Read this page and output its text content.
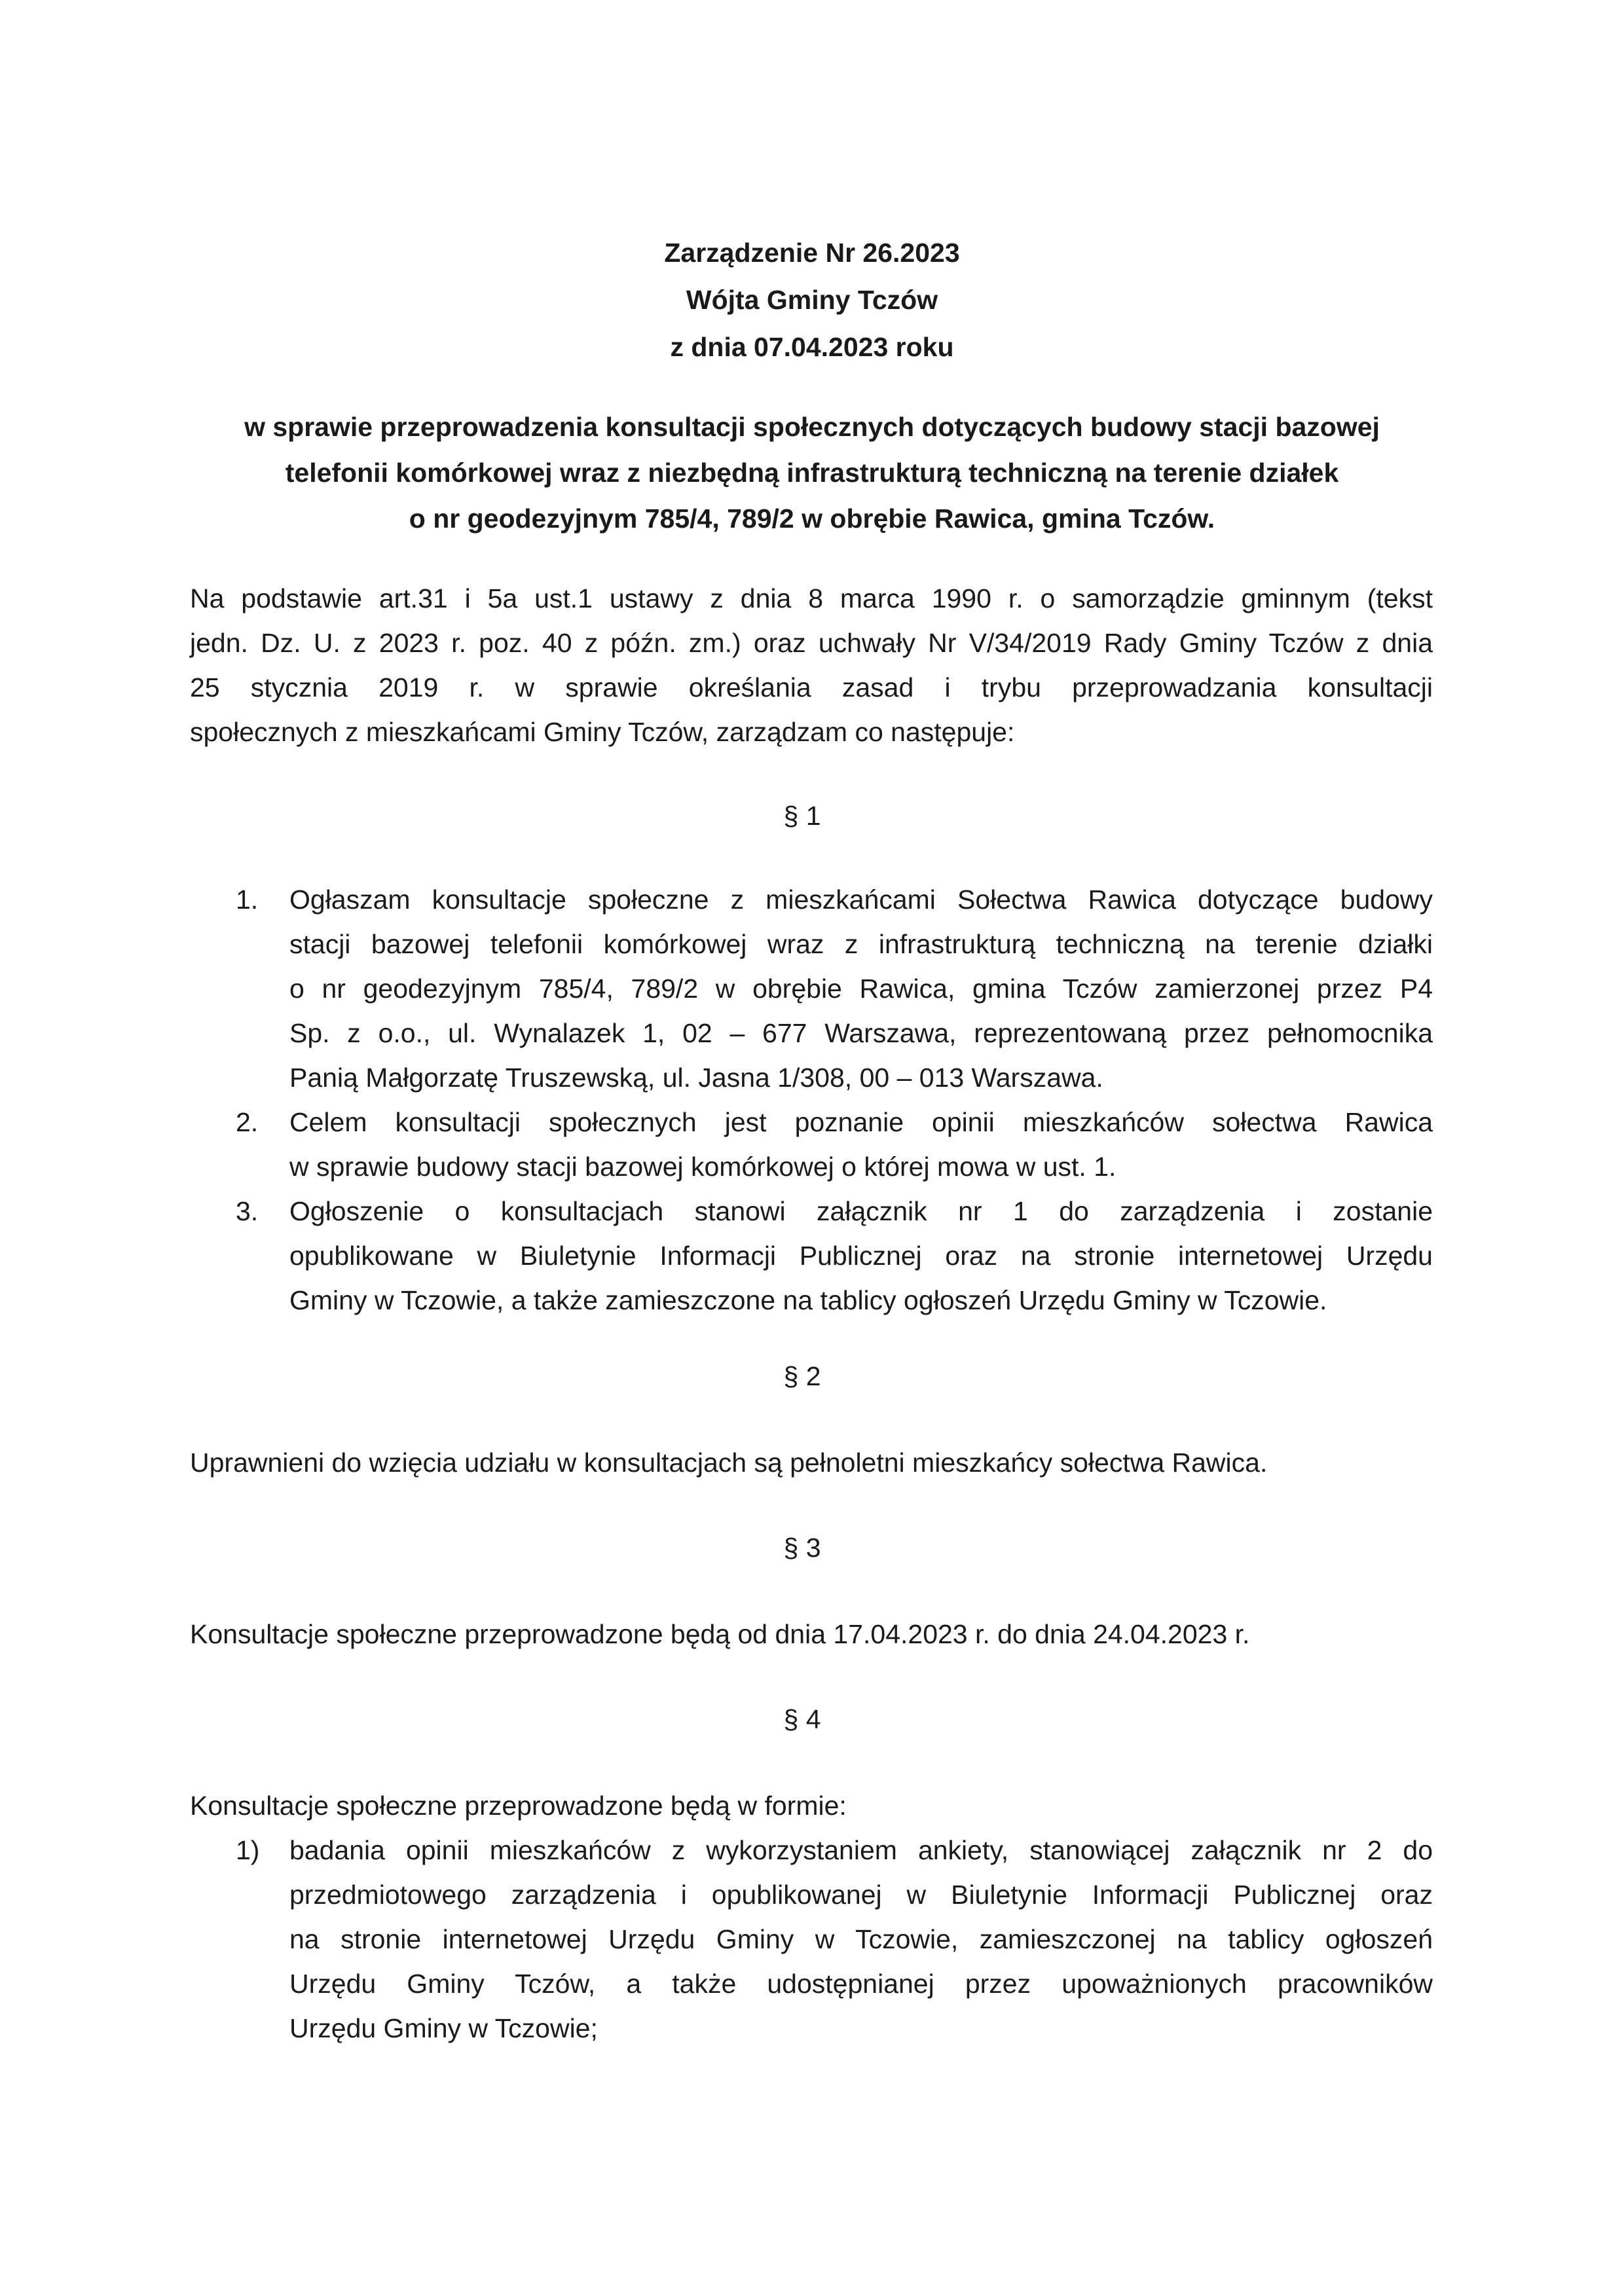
Zarządzenie Nr 26.2023
Wójta Gminy Tczów
z dnia 07.04.2023 roku
w sprawie przeprowadzenia konsultacji społecznych dotyczących budowy stacji bazowej
telefonii komórkowej wraz z niezbędną infrastrukturą techniczną na terenie działek
o nr geodezyjnym 785/4, 789/2 w obrębie Rawica, gmina Tczów.
Na podstawie art.31 i 5a ust.1 ustawy z dnia 8 marca 1990 r. o samorządzie gminnym (tekst
jedn. Dz. U. z 2023 r. poz. 40 z późn. zm.) oraz uchwały Nr V/34/2019 Rady Gminy Tczów z dnia
25 stycznia 2019 r. w sprawie określania zasad i trybu przeprowadzania konsultacji
społecznych z mieszkańcami Gminy Tczów, zarządzam co następuje:
§ 1
1. Ogłaszam konsultacje społeczne z mieszkańcami Sołectwa Rawica dotyczące budowy
stacji bazowej telefonii komórkowej wraz z infrastrukturą techniczną na terenie działki
o nr geodezyjnym 785/4, 789/2 w obrębie Rawica, gmina Tczów zamierzonej przez P4
Sp. z o.o., ul. Wynalazek 1, 02 – 677 Warszawa, reprezentowaną przez pełnomocnika
Panią Małgorzatę Truszewską, ul. Jasna 1/308, 00 – 013 Warszawa.
2. Celem konsultacji społecznych jest poznanie opinii mieszkańców sołectwa Rawica
w sprawie budowy stacji bazowej komórkowej o której mowa w ust. 1.
3. Ogłoszenie o konsultacjach stanowi załącznik nr 1 do zarządzenia i zostanie
opublikowane w Biuletynie Informacji Publicznej oraz na stronie internetowej Urzędu
Gminy w Tczowie, a także zamieszczone na tablicy ogłoszeń Urzędu Gminy w Tczowie.
§ 2
Uprawnieni do wzięcia udziału w konsultacjach są pełnoletni mieszkańcy sołectwa Rawica.
§ 3
Konsultacje społeczne przeprowadzone będą od dnia 17.04.2023 r. do dnia 24.04.2023 r.
§ 4
Konsultacje społeczne przeprowadzone będą w formie:
1) badania opinii mieszkańców z wykorzystaniem ankiety, stanowiącej załącznik nr 2 do
przedmiotowego zarządzenia i opublikowanej w Biuletynie Informacji Publicznej oraz
na stronie internetowej Urzędu Gminy w Tczowie, zamieszczonej na tablicy ogłoszeń
Urzędu Gminy Tczów, a także udostępnianej przez upoważnionych pracowników
Urzędu Gminy w Tczowie;
